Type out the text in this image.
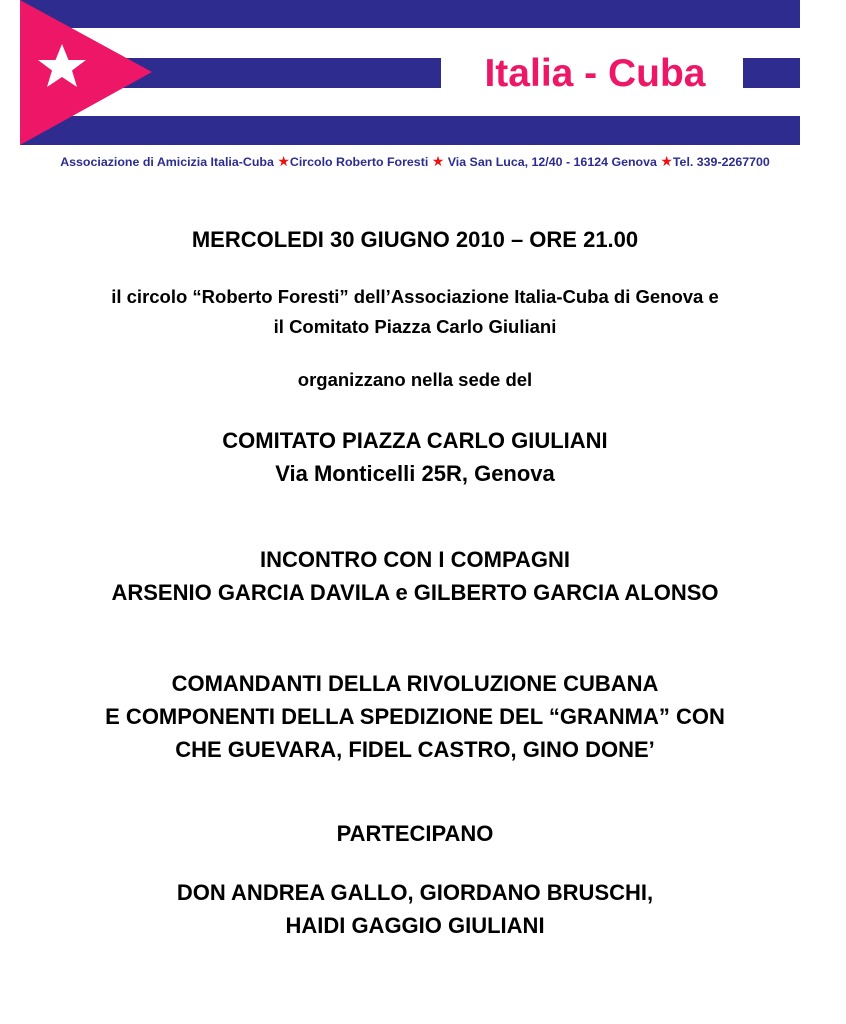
Italia - Cuba
Associazione di Amicizia Italia-Cuba ★Circolo Roberto Foresti ★ Via San Luca, 12/40 - 16124 Genova ★Tel. 339-2267700
MERCOLEDI 30 GIUGNO 2010 – ORE 21.00
il circolo “Roberto Foresti” dell’Associazione Italia-Cuba di Genova e
il Comitato Piazza Carlo Giuliani
organizzano nella sede del
COMITATO PIAZZA CARLO GIULIANI
Via Monticelli 25R, Genova
INCONTRO CON I COMPAGNI
ARSENIO GARCIA DAVILA e GILBERTO GARCIA ALONSO
COMANDANTI DELLA RIVOLUZIONE CUBANA
E COMPONENTI DELLA SPEDIZIONE DEL “GRANMA” CON
CHE GUEVARA, FIDEL CASTRO, GINO DONE’
PARTECIPANO
DON ANDREA GALLO, GIORDANO BRUSCHI,
HAIDI GAGGIO GIULIANI
